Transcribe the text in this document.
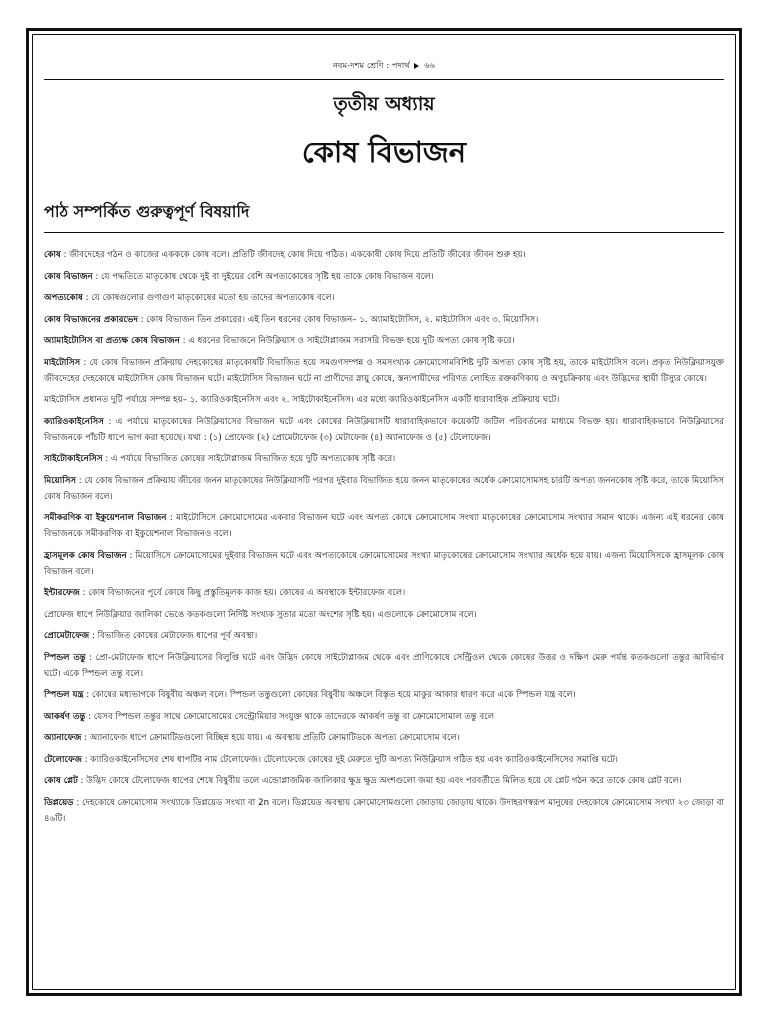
নবম-দশম শ্রেণি : পদার্থ ৬৬
তৃতীয় অধ্যায়
কোষ বিভাজন
পাঠ সম্পর্কিত গুরুত্বপূর্ণ বিষয়াদি
কোষ : জীবদেহের গঠন ও কাজের একককে কোষ বলে। প্রতিটি জীবদেহ কোষ দিয়ে গঠিত। এককোষী কোষ দিয়ে প্রতিটি জীবের জীবন শুরু হয়।
কোষ বিভাজন : যে পদ্ধতিতে মাতৃকোষ থেকে দুই বা দুইয়ের বেশি অপত্যকোষের সৃষ্টি হয় তাকে কোষ বিভাজন বলে।
অপত্যকোষ : যে কোষগুলোর গুণাগুণ মাতৃকোষের মতো হয় তাদের অপত্যকোষ বলে।
কোষ বিভাজনের প্রকারভেদ : কোষ বিভাজন তিন প্রকারের। এই তিন ধরনের কোষ বিভাজন– ১. অ্যামাইটোসিস, ২. মাইটোসিস এবং ৩. মিয়োসিস।
অ্যামাইটোসিস বা প্রত্যক্ষ কোষ বিভাজন : এ ধরনের বিভাজনে নিউক্লিয়াস ও সাইটোপ্লাজম সরাসরি বিভক্ত হয়ে দুটি অপত্য কোষ সৃষ্টি করে।
মাইটোসিস : যে কোষ বিভাজন প্রক্রিয়ায় দেহকোষের মাতৃকোষটি বিভাজিত হয়ে সমগুণসম্পন্ন ও সমসংখ্যক ক্রোমোসোমবিশিষ্ট দুটি অপত্য কোষ সৃষ্টি হয়, তাকে মাইটোসিস বলে। প্রকৃত নিউক্লিয়াসযুক্ত জীবদেহের দেহকোষে মাইটোসিস কোষ বিভাজন ঘটে। মাইটোসিস বিভাজন ঘটে না প্রাণীদের স্নায়ু কোষে, স্তন্যপায়ীদের পরিণত লোহিত রক্তকণিকায় ও অণুচক্রিকায় এবং উদ্ভিদের স্থায়ী টিস্যুর কোষে।
মাইটোসিস প্রধানত দুটি পর্যায়ে সম্পন্ন হয়– ১. ক্যারিওকাইনেসিস এবং ২. সাইটোকাইনেসিস। এর মধ্যে ক্যারিওকাইনেসিস একটি ধারাবাহিক প্রক্রিয়ায় ঘটে।
ক্যারিওকাইনেসিস : এ পর্যায়ে মাতৃকোষের নিউক্লিয়াসের বিভাজন ঘটে এবং কোষের নিউক্লিয়াসটি ধারাবাহিকভাবে কয়েকটি জটিল পরিবর্তনের মাধ্যমে বিভক্ত হয়। ধারাবাহিকভাবে নিউক্লিয়াসের বিভাজনকে পাঁচটি ধাপে ভাগ করা হয়েছে। যথা : (১) প্রোফেজ (২) প্রোমেটাফেজ (৩) মেটাফেজ (৪) অ্যানাফেজ ও (৫) টেলোফেজ।
সাইটোকাইনেসিস : এ পর্যায়ে বিভাজিত কোষের সাইটোপ্লাজম বিভাজিত হয়ে দুটি অপত্যকোষ সৃষ্টি করে।
মিয়োসিস : যে কোষ বিভাজন প্রক্রিয়ায় জীবের জনন মাতৃকোষের নিউক্লিয়াসটি পরপর দুইবার বিভাজিত হয়ে জনন মাতৃকোষের অর্ধেক ক্রোমোসোমসহ চারটি অপত্য জননকোষ সৃষ্টি করে, তাকে মিয়োসিস কোষ বিভাজন বলে।
সমীকরণিক বা ইকুয়েশনাল বিভাজন : মাইটোসিসে ক্রোমোসোমের একবার বিভাজন ঘটে এবং অপত্য কোষে ক্রোমোসোম সংখ্যা মাতৃকোষের ক্রোমোসোম সংখ্যার সমান থাকে। এজন্য এই ধরনের কোষ বিভাজনকে সমীকরণিক বা ইকুয়েশনাল বিভাজনও বলে।
হ্রাসমূলক কোষ বিভাজন : মিয়োসিসে ক্রোমোসোমের দুইবার বিভাজন ঘটে এবং অপত্যকোষে ক্রোমোসোমের সংখ্যা মাতৃকোষের ক্রোমোসোম সংখ্যার অর্ধেক হয়ে যায়। এজন্য মিয়োসিসকে হ্রাসমূলক কোষ বিভাজন বলে।
ইন্টারফেজ : কোষ বিভাজনের পূর্বে কোষে কিছু প্রস্তুতিমূলক কাজ হয়। কোষের এ অবস্থাকে ইন্টারফেজ বলে।
প্রোফেজ ধাপে নিউক্লিয়ার জালিকা ভেঙে কতকগুলো নির্দিষ্ট সংখ্যক সুতার মতো অংশের সৃষ্টি হয়। এগুলোকে ক্রোমোসোম বলে।
প্রোমেটাফেজ : বিভাজিত কোষের মেটাফেজ ধাপের পূর্ব অবস্থা।
স্পিন্ডল তন্তু : প্রো-মেটাফেজ ধাপে নিউক্লিয়াসের বিলুপ্তি ঘটে এবং উদ্ভিদ কোষে সাইটোপ্লাজম থেকে এবং প্রাণিকোষে সেন্ট্রিওল থেকে কোষের উত্তর ও দক্ষিণ মেরু পর্যন্ত কতকগুলো তন্তুর আবির্ভাব ঘটে। একে স্পিন্ডল তন্তু বলে।
স্পিন্ডল যন্ত্র : কোষের মধ্যভাগকে বিষুবীয় অঞ্চল বলে। স্পিন্ডল তন্তুগুলো কোষের বিষুবীয় অঞ্চলে বিস্তৃত হয়ে মাকুর আকার ধারণ করে একে স্পিন্ডল যন্ত্র বলে।
আকর্ষণ তন্তু : যেসব স্পিন্ডল তন্তুর সাথে ক্রোমোসোমের সেন্ট্রোমিয়ার সংযুক্ত থাকে তাদেরকে আকর্ষণ তন্তু বা ক্রোমোসোমাল তন্তু বলে
অ্যানাফেজ : অ্যানাফেজ ধাপে ক্রোমাটিডগুলো বিচ্ছিন্ন হয়ে যায়। এ অবস্থায় প্রতিটি ক্রোমাটিডকে অপত্য ক্রোমোসোম বলে।
টেলোফেজ : ক্যারিওকাইনেসিসের শেষ ধাপটির নাম টেলোফেজ। টেলোফেজে কোষের দুই মেরুতে দুটি অপত্য নিউক্লিয়াস গঠিত হয় এবং ক্যারিওকাইনেসিসের সমাপ্তি ঘটে।
কোষ প্লেট : উদ্ভিদ কোষে টেলোফেজ ধাপের শেষে বিষুবীয় তলে এন্ডোপ্লাজমিক জালিকার ক্ষুদ্র ক্ষুদ্র অংশগুলো জমা হয় এবং পরবর্তীতে মিলিত হয়ে যে প্লেট গঠন করে তাকে কোষ প্লেট বলে।
ডিপ্লয়েড : দেহকোষে ক্রোমোসোম সংখ্যাকে ডিপ্লয়েড সংখ্যা বা 2n বলে। ডিপ্লয়েড অবস্থায় ক্রোমোসোমগুলো জোড়ায় জোড়ায় থাকে। উদাহরণস্বরূপ মানুষের দেহকোষে ক্রোমোসোম সংখ্যা ২৩ জোড়া বা ৪৬টি।
